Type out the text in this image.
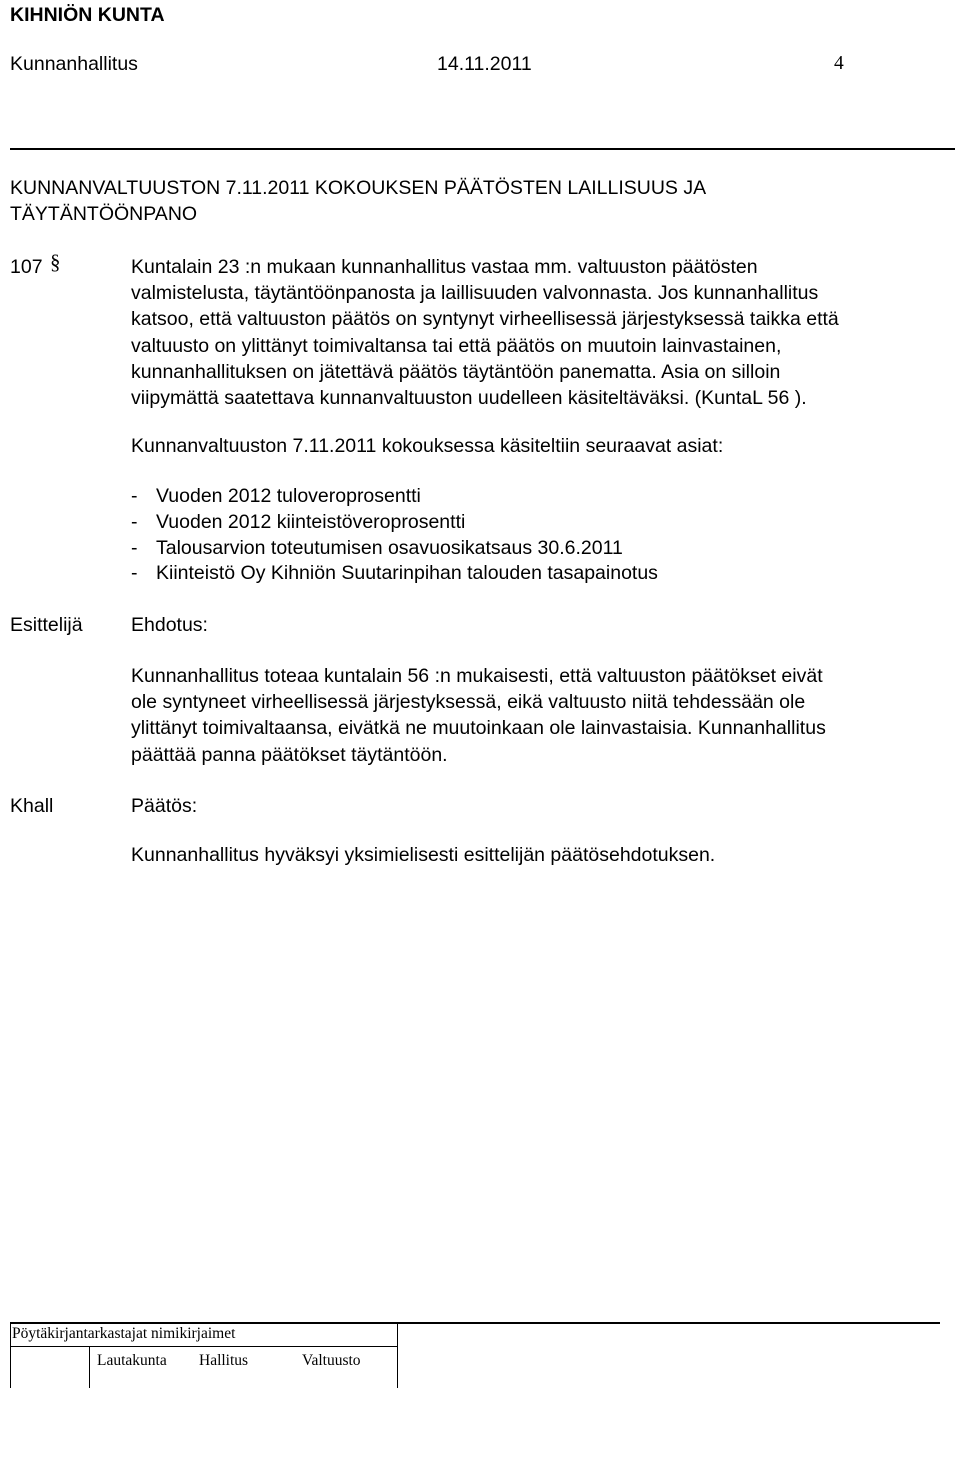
KIHNIÖN KUNTA
Kunnanhallitus	14.11.2011	4
KUNNANVALTUUSTON 7.11.2011 KOKOUKSEN PÄÄTÖSTEN LAILLISUUS JA
TÄYTÄNTÖÖNPANO
107 §	Kuntalain 23 :n mukaan kunnanhallitus vastaa mm. valtuuston päätösten
valmistelusta, täytäntöönpanosta ja laillisuuden valvonnasta. Jos kunnanhallitus
katsoo, että valtuuston päätös on syntynyt virheellisessä järjestyksessä taikka että
valtuusto on ylittänyt toimivaltansa tai että päätös on muutoin lainvastainen,
kunnanhallituksen on jätettävä päätös täytäntöön panematta. Asia on silloin
viipymättä saatettava kunnanvaltuuston uudelleen käsiteltäväksi. (KuntaL 56 ).
Kunnanvaltuuston 7.11.2011 kokouksessa käsiteltiin seuraavat asiat:
- Vuoden 2012 tuloveroprosentti
- Vuoden 2012 kiinteistöveroprosentti
- Talousarvion toteutumisen osavuosikatsaus 30.6.2011
- Kiinteistö Oy Kihniön Suutarinpihan talouden tasapainotus
Esittelijä Ehdotus:
Kunnanhallitus toteaa kuntalain 56 :n mukaisesti, että valtuuston päätökset eivät
ole syntyneet virheellisessä järjestyksessä, eikä valtuusto niitä tehdessään ole
ylittänyt toimivaltaansa, eivätkä ne muutoinkaan ole lainvastaisia. Kunnanhallitus
päättää panna päätökset täytäntöön.
Khall	Päätös:
Kunnanhallitus hyväksyi yksimielisesti esittelijän päätösehdotuksen.
Pöytäkirjantarkastajat nimikirjaimet
Lautakunta Hallitus	Valtuusto
